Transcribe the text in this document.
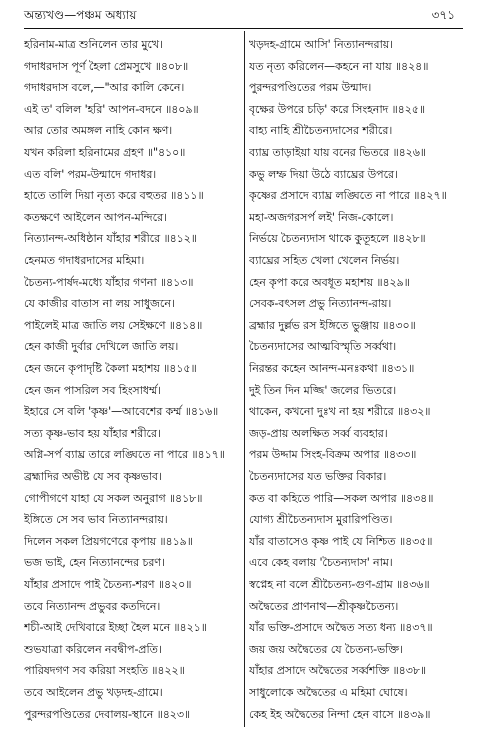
অন্ত্যখণ্ড—পঞ্চম অধ্যায়	৩৭১
হরিনাম-মাত্র শুনিলেন তার মুখে।
গদাধরদাস পূর্ণ হৈলা প্রেমসুখে ॥৪০৮॥
গদাধরদাস বলে,—"আর কালি কেনে।
এই ত' বলিল 'হরি' আপন-বদনে ॥৪০৯॥
আর তোর অমঙ্গল নাহি কোন ক্ষণ।
যখন করিলা হরিনামের গ্রহণ ॥"৪১০॥
এত বলি' পরম-উন্মাদে গদাধর।
হাতে তালি দিয়া নৃত্য করে বহুতর ॥৪১১॥
কতক্ষণে আইলেন আপন-মন্দিরে।
নিত্যানন্দ-অধিষ্ঠান যাঁহার শরীরে ॥৪১২॥
হেনমত গদাধরদাসের মহিমা।
চৈতন্য-পার্ষদ-মধ্যে যাঁহার গণনা ॥৪১৩॥
যে কাজীর বাতাস না লয় সাধুজনে।
পাইলেই মাত্র জাতি লয় সেইক্ষণে ॥৪১৪॥
হেন কাজী দুর্বার দেখিলে জাতি লয়।
হেন জনে কৃপাদৃষ্টি কৈলা মহাশয় ॥৪১৫॥
হেন জন পাসরিল সব হিংসাধর্ম্ম।
ইহারে সে বলি 'কৃষ্ণ'—আবেশের কর্ম্ম ॥৪১৬॥
সত্য কৃষ্ণ-ভাব হয় যাঁহার শরীরে।
অগ্নি-সর্প ব্যাঘ্র তারে লঙ্ঘিতে না পারে ॥৪১৭॥
ব্রহ্মাদির অভীষ্ট যে সব কৃষ্ণভাব।
গোপীগণে যাহা যে সকল অনুরাগ ॥৪১৮॥
ইঙ্গিতে সে সব ভাব নিত্যানন্দরায়।
দিলেন সকল প্রিয়গণেরে কৃপায় ॥৪১৯॥
ভজ ভাই, হেন নিত্যানন্দের চরণ।
যাঁহার প্রসাদে পাই চৈতন্য-শরণ ॥৪২০॥
তবে নিত্যানন্দ প্রভুবর কতদিনে।
শচী-আই দেখিবারে ইচ্ছা হৈল মনে ॥৪২১॥
শুভযাত্রা করিলেন নবদ্বীপ-প্রতি।
পারিষদগণ সব করিয়া সংহতি ॥৪২২॥
তবে আইলেন প্রভু খড়দহ-গ্রামে।
পুরন্দরপণ্ডিতের দেবালয়-স্থানে ॥৪২৩॥
খড়দহ-গ্রামে আসি' নিত্যানন্দরায়।
যত নৃত্য করিলেন—কহনে না যায় ॥৪২৪॥
পুরন্দরপণ্ডিতের পরম উন্মাদ।
বৃক্ষের উপরে চড়ি' করে সিংহনাদ ॥৪২৫॥
বাহ্য নাহি শ্রীচৈতন্যদাসের শরীরে।
ব্যাঘ্র তাড়াইয়া যায় বনের ভিতরে ॥৪২৬॥
কভু লম্ফ দিয়া উঠে ব্যাঘ্রের উপরে।
কৃষ্ণের প্রসাদে ব্যাঘ্র লঙ্ঘিতে না পারে ॥৪২৭॥
মহা-অজগরসর্প লই' নিজ-কোলে।
নির্ভয়ে চৈতন্যদাস থাকে কুতূহলে ॥৪২৮॥
ব্যাঘ্রের সহিত খেলা খেলেন নির্ভয়।
হেন কৃপা করে অবধূত মহাশয় ॥৪২৯॥
সেবক-বৎসল প্রভু নিত্যানন্দ-রায়।
ব্রহ্মার দুর্ল্লভ রস ইঙ্গিতে ভুঞ্জায় ॥৪৩০॥
চৈতন্যদাসের আত্মবিস্মৃতি সর্ব্বথা।
নিরন্তর কহেন আনন্দ-মনঃকথা ॥৪৩১॥
দুই তিন দিন মজ্জি' জলের ভিতরে।
থাকেন, কখনো দুঃখ না হয় শরীরে ॥৪৩২॥
জড়-প্রায় অলক্ষিত সর্ব্ব ব্যবহার।
পরম উদ্দাম সিংহ-বিক্রম অপার ॥৪৩৩॥
চৈতন্যদাসের যত ভক্তির বিকার।
কত বা কহিতে পারি—সকল অপার ॥৪৩৪॥
যোগ্য শ্রীচৈতন্যদাস মুরারিপণ্ডিত।
যাঁর বাতাসেও কৃষ্ণ পাই যে নিশ্চিত ॥৪৩৫॥
এবে কেহ বলায় 'চৈতন্যদাস' নাম।
স্বপ্নেহ না বলে শ্রীচৈতন্য-গুণ-গ্রাম ॥৪৩৬॥
অদ্বৈতের প্রাণনাথ—শ্রীকৃষ্ণচৈতন্য।
যাঁর ভক্তি-প্রসাদে অদ্বৈত সত্য ধন্য ॥৪৩৭॥
জয় জয় অদ্বৈতের যে চৈতন্য-ভক্তি।
যাঁহার প্রসাদে অদ্বৈতের সর্ব্বশক্তি ॥৪৩৮॥
সাধুলোকে অদ্বৈতের এ মহিমা ঘোষে।
কেহ ইহ অদ্বৈতের নিন্দা হেন বাসে ॥৪৩৯॥
